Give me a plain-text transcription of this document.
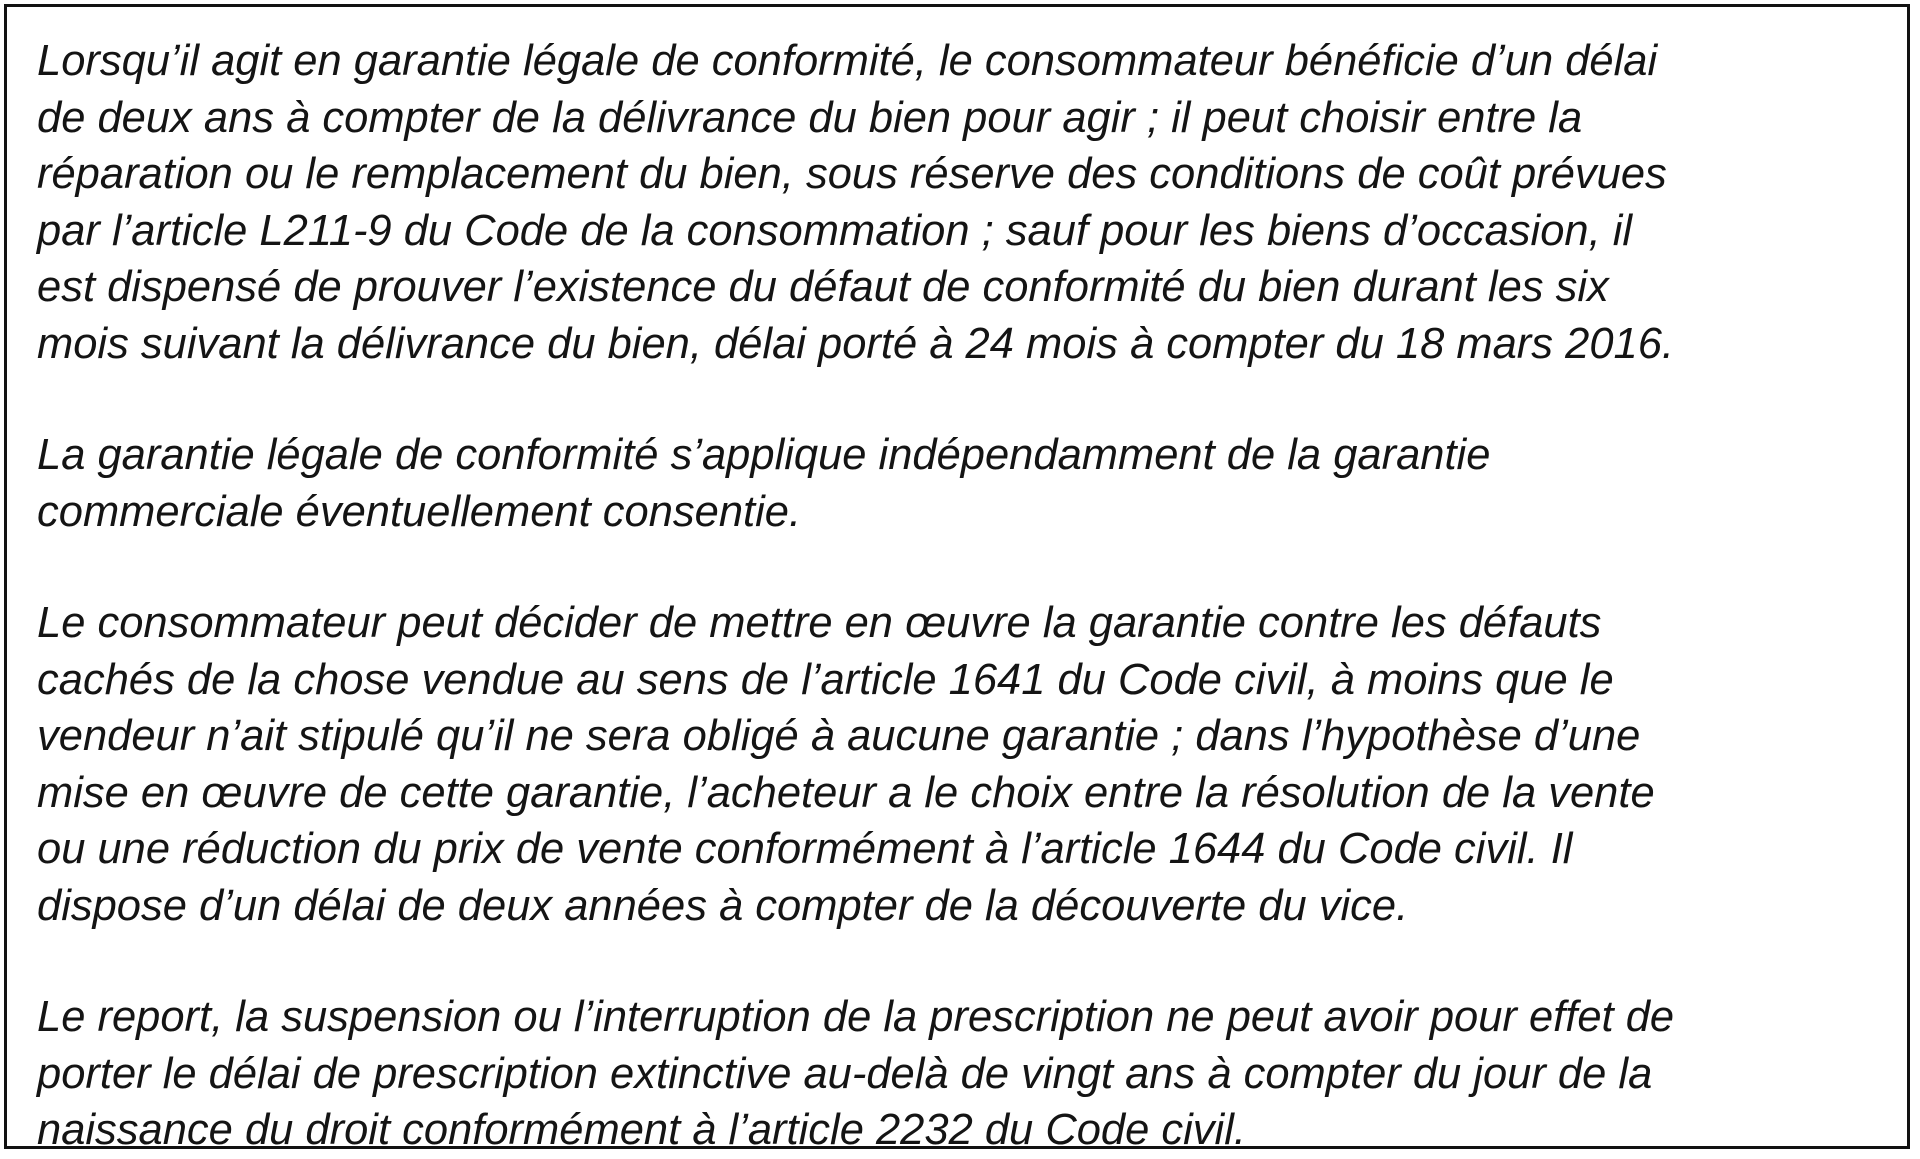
Lorsqu’il agit en garantie légale de conformité, le consommateur bénéficie d’un délai
de deux ans à compter de la délivrance du bien pour agir ; il peut choisir entre la
réparation ou le remplacement du bien, sous réserve des conditions de coût prévues
par l’article L211-9 du Code de la consommation ; sauf pour les biens d’occasion, il
est dispensé de prouver l’existence du défaut de conformité du bien durant les six
mois suivant la délivrance du bien, délai porté à 24 mois à compter du 18 mars 2016.

La garantie légale de conformité s’applique indépendamment de la garantie
commerciale éventuellement consentie.

Le consommateur peut décider de mettre en œuvre la garantie contre les défauts
cachés de la chose vendue au sens de l’article 1641 du Code civil, à moins que le
vendeur n’ait stipulé qu’il ne sera obligé à aucune garantie ; dans l’hypothèse d’une
mise en œuvre de cette garantie, l’acheteur a le choix entre la résolution de la vente
ou une réduction du prix de vente conformément à l’article 1644 du Code civil. Il
dispose d’un délai de deux années à compter de la découverte du vice.

Le report, la suspension ou l’interruption de la prescription ne peut avoir pour effet de
porter le délai de prescription extinctive au-delà de vingt ans à compter du jour de la
naissance du droit conformément à l’article 2232 du Code civil.
